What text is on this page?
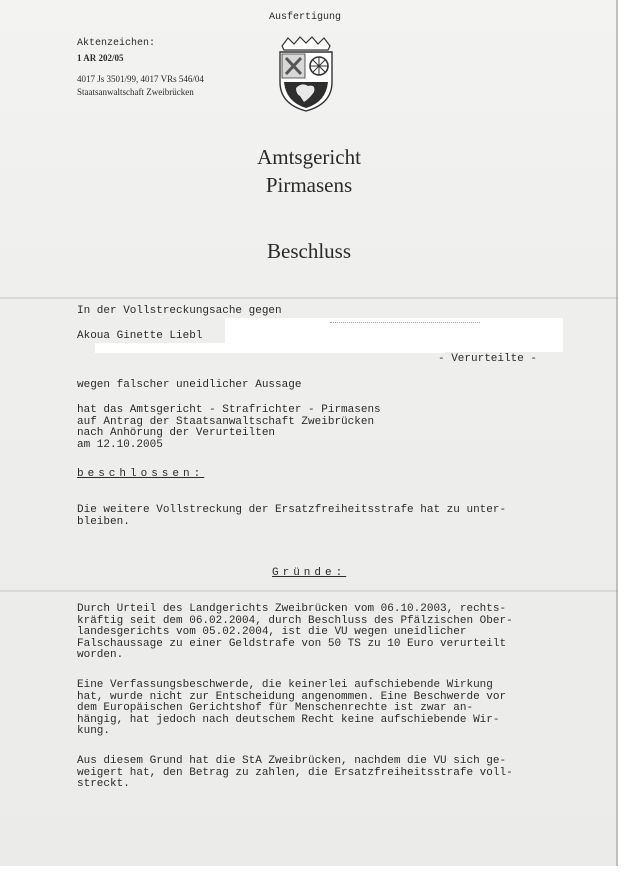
Ausfertigung
Aktenzeichen:
1 AR 202/05
4017 Js 3501/99, 4017 VRs 546/04
Staatsanwaltschaft Zweibrücken
Amtsgericht
Pirmasens
Beschluss
In der Vollstreckungsache gegen
Akoua Ginette Liebl
- Verurteilte -
wegen falscher uneidlicher Aussage
hat das Amtsgericht - Strafrichter - Pirmasens
auf Antrag der Staatsanwaltschaft Zweibrücken
nach Anhörung der Verurteilten
am 12.10.2005
beschlossen:
Die weitere Vollstreckung der Ersatzfreiheitsstrafe hat zu unter-
bleiben.
Gründe:
Durch Urteil des Landgerichts Zweibrücken vom 06.10.2003, rechts-
kräftig seit dem 06.02.2004, durch Beschluss des Pfälzischen Ober-
landesgerichts vom 05.02.2004, ist die VU wegen uneidlicher
Falschaussage zu einer Geldstrafe von 50 TS zu 10 Euro verurteilt
worden.
Eine Verfassungsbeschwerde, die keinerlei aufschiebende Wirkung
hat, wurde nicht zur Entscheidung angenommen. Eine Beschwerde vor
dem Europäischen Gerichtshof für Menschenrechte ist zwar an-
hängig, hat jedoch nach deutschem Recht keine aufschiebende Wir-
kung.
Aus diesem Grund hat die StA Zweibrücken, nachdem die VU sich ge-
weigert hat, den Betrag zu zahlen, die Ersatzfreiheitsstrafe voll-
streckt.
